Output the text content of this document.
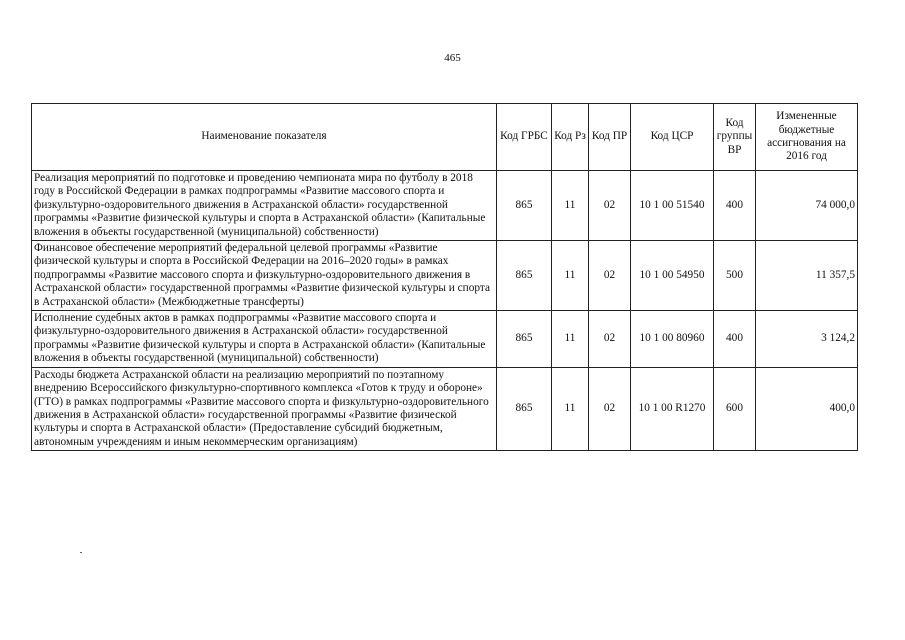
465
Наименование показателя	Код ГРБС	Код Рз	Код ПР	Код ЦСР	Код группы ВР	Измененные бюджетные ассигнования на 2016 год
Реализация мероприятий по подготовке и проведению чемпионата мира по футболу в 2018 году в Российской Федерации в рамках подпрограммы «Развитие массового спорта и физкультурно-оздоровительного движения в Астраханской области» государственной программы «Развитие физической культуры и спорта в Астраханской области» (Капитальные вложения в объекты государственной (муниципальной) собственности)	865	11	02	10 1 00 51540	400	74 000,0
Финансовое обеспечение мероприятий федеральной целевой программы «Развитие физической культуры и спорта в Российской Федерации на 2016–2020 годы» в рамках подпрограммы «Развитие массового спорта и физкультурно-оздоровительного движения в Астраханской области» государственной программы «Развитие физической культуры и спорта в Астраханской области» (Межбюджетные трансферты)	865	11	02	10 1 00 54950	500	11 357,5
Исполнение судебных актов в рамках подпрограммы «Развитие массового спорта и физкультурно-оздоровительного движения в Астраханской области» государственной программы «Развитие физической культуры и спорта в Астраханской области» (Капитальные вложения в объекты государственной (муниципальной) собственности)	865	11	02	10 1 00 80960	400	3 124,2
Расходы бюджета Астраханской области на реализацию мероприятий по поэтапному внедрению Всероссийского физкультурно-спортивного комплекса «Готов к труду и обороне» (ГТО) в рамках подпрограммы «Развитие массового спорта и физкультурно-оздоровительного движения в Астраханской области» государственной программы «Развитие физической культуры и спорта в Астраханской области» (Предоставление субсидий бюджетным, автономным учреждениям и иным некоммерческим организациям)	865	11	02	10 1 00 R1270	600	400,0
